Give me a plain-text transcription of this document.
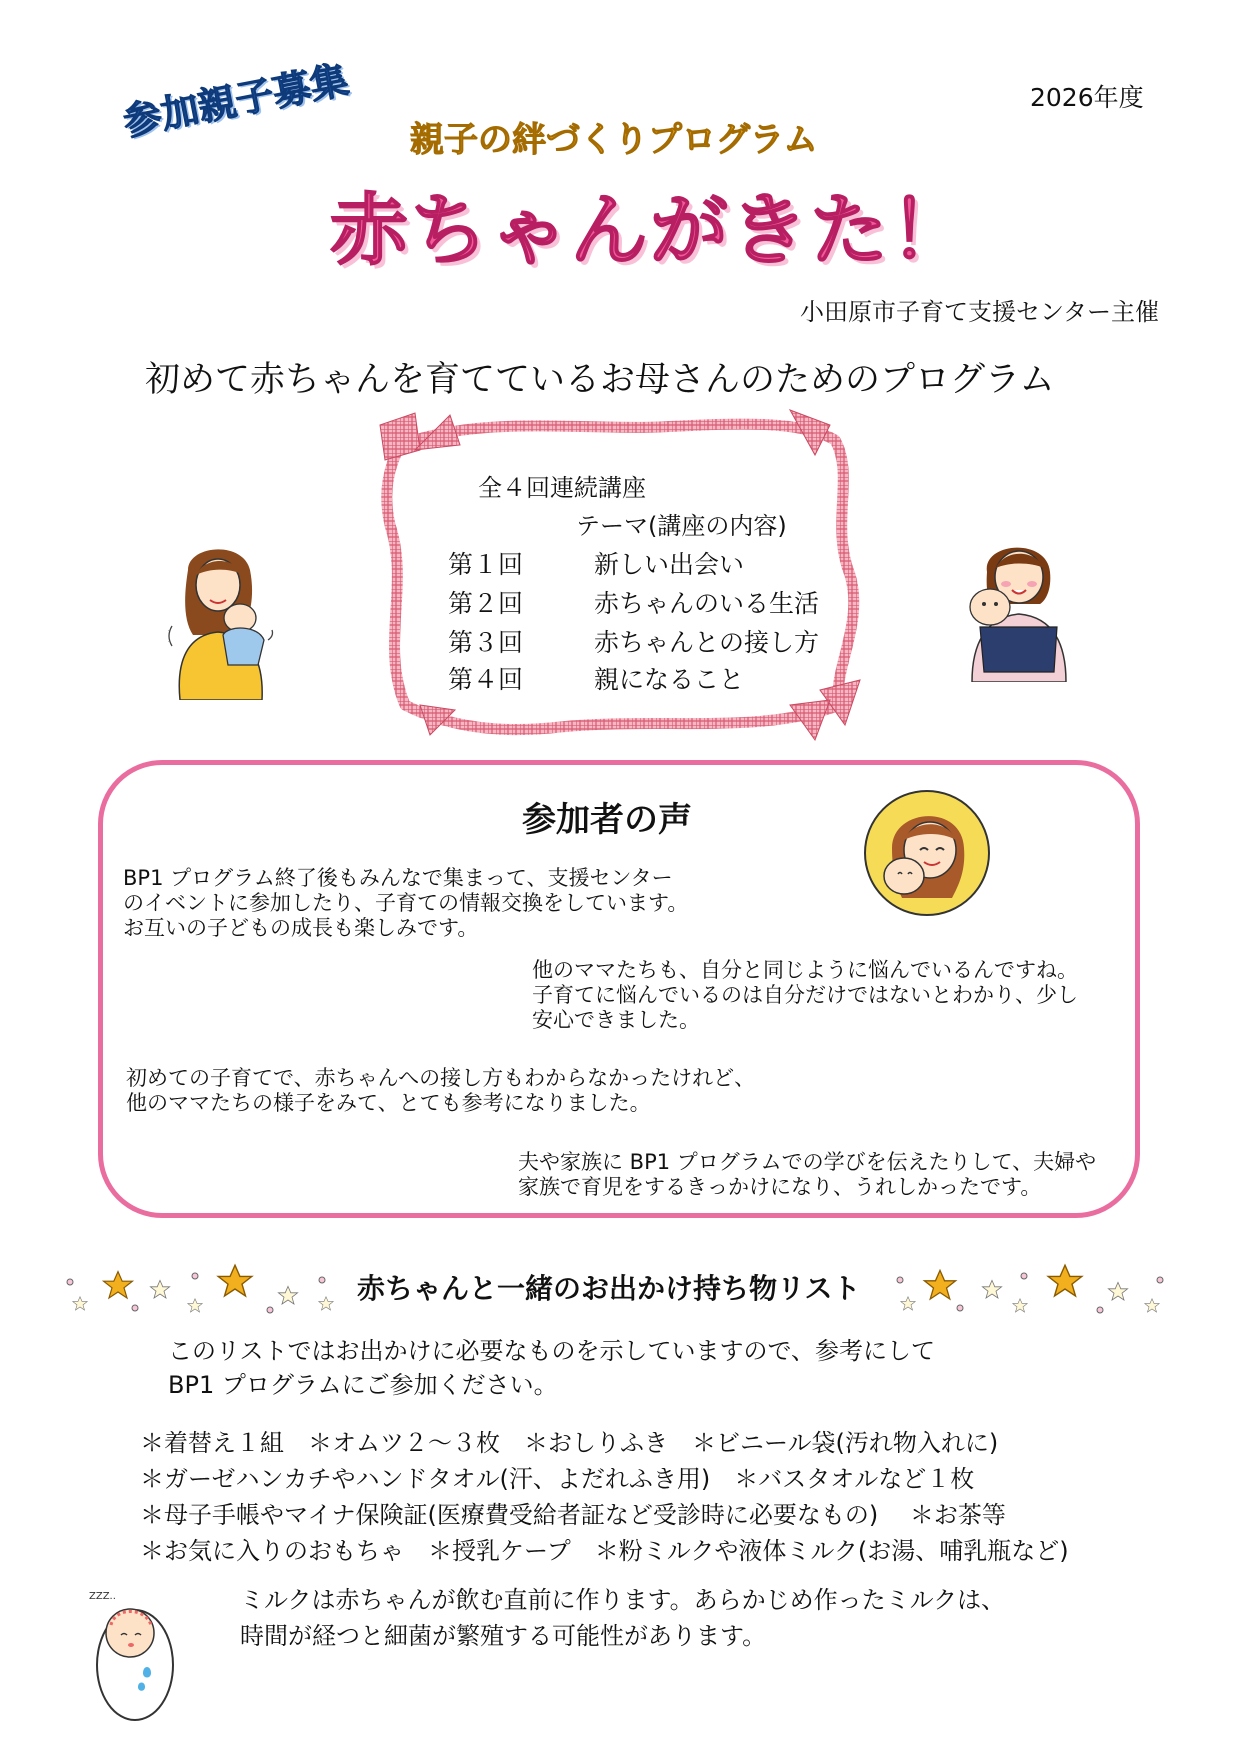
2026年度
参加親子募集 親子の絆づくりプログラム
赤ちゃんがきた！
小田原市子育て支援センター主催
初めて赤ちゃんを育てているお母さんのためのプログラム
全４回連続講座
テーマ(講座の内容)
第１回	新しい出会い
第２回	赤ちゃんのいる生活
第３回	赤ちゃんとの接し方
第４回	親になること
参加者の声
BP1 プログラム終了後もみんなで集まって、支援センター
のイベントに参加したり、子育ての情報交換をしています。
お互いの子どもの成長も楽しみです。
他のママたちも、自分と同じように悩んでいるんですね。
子育てに悩んでいるのは自分だけではないとわかり、少し
安心できました。
初めての子育てで、赤ちゃんへの接し方もわからなかったけれど、
他のママたちの様子をみて、とても参考になりました。
夫や家族に BP1 プログラムでの学びを伝えたりして、夫婦や
家族で育児をするきっかけになり、うれしかったです。
赤ちゃんと一緒のお出かけ持ち物リスト
このリストではお出かけに必要なものを示していますので、参考にして
BP1 プログラムにご参加ください。
＊着替え１組　＊オムツ２～３枚　＊おしりふき　＊ビニール袋(汚れ物入れに)
＊ガーゼハンカチやハンドタオル(汗、よだれふき用)　＊バスタオルなど１枚
＊母子手帳やマイナ保険証(医療費受給者証など受診時に必要なもの)　 ＊お茶等
＊お気に入りのおもちゃ　＊授乳ケープ　＊粉ミルクや液体ミルク(お湯、哺乳瓶など)
ZZZ..	ミルクは赤ちゃんが飲む直前に作ります。あらかじめ作ったミルクは、
時間が経つと細菌が繁殖する可能性があります。
